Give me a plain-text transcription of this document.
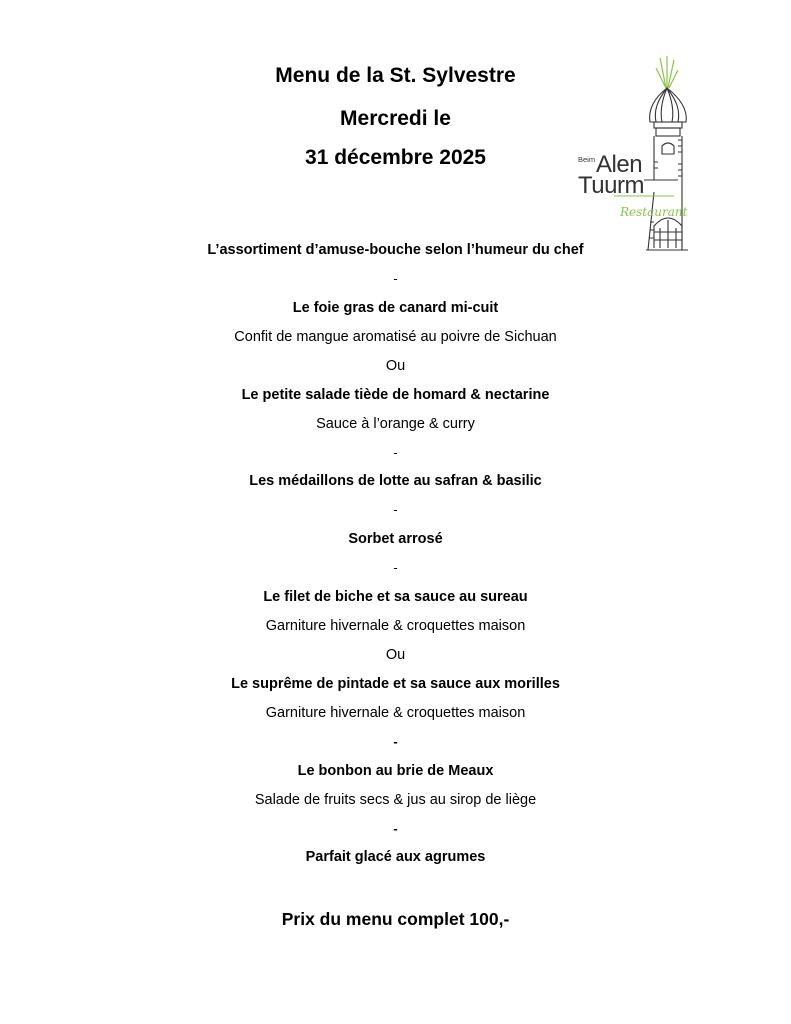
Menu de la St. Sylvestre
Mercredi le
31 décembre 2025	Beim Alen
Tuurm
Restaurant
L’assortiment d’amuse-bouche selon l’humeur du chef
-
Le foie gras de canard mi-cuit
Confit de mangue aromatisé au poivre de Sichuan
Ou
Le petite salade tiède de homard & nectarine
Sauce à l’orange & curry
-
Les médaillons de lotte au safran & basilic
-
Sorbet arrosé
-
Le filet de biche et sa sauce au sureau
Garniture hivernale & croquettes maison
Ou
Le suprême de pintade et sa sauce aux morilles
Garniture hivernale & croquettes maison
-
Le bonbon au brie de Meaux
Salade de fruits secs & jus au sirop de liège
-
Parfait glacé aux agrumes
Prix du menu complet 100,-
